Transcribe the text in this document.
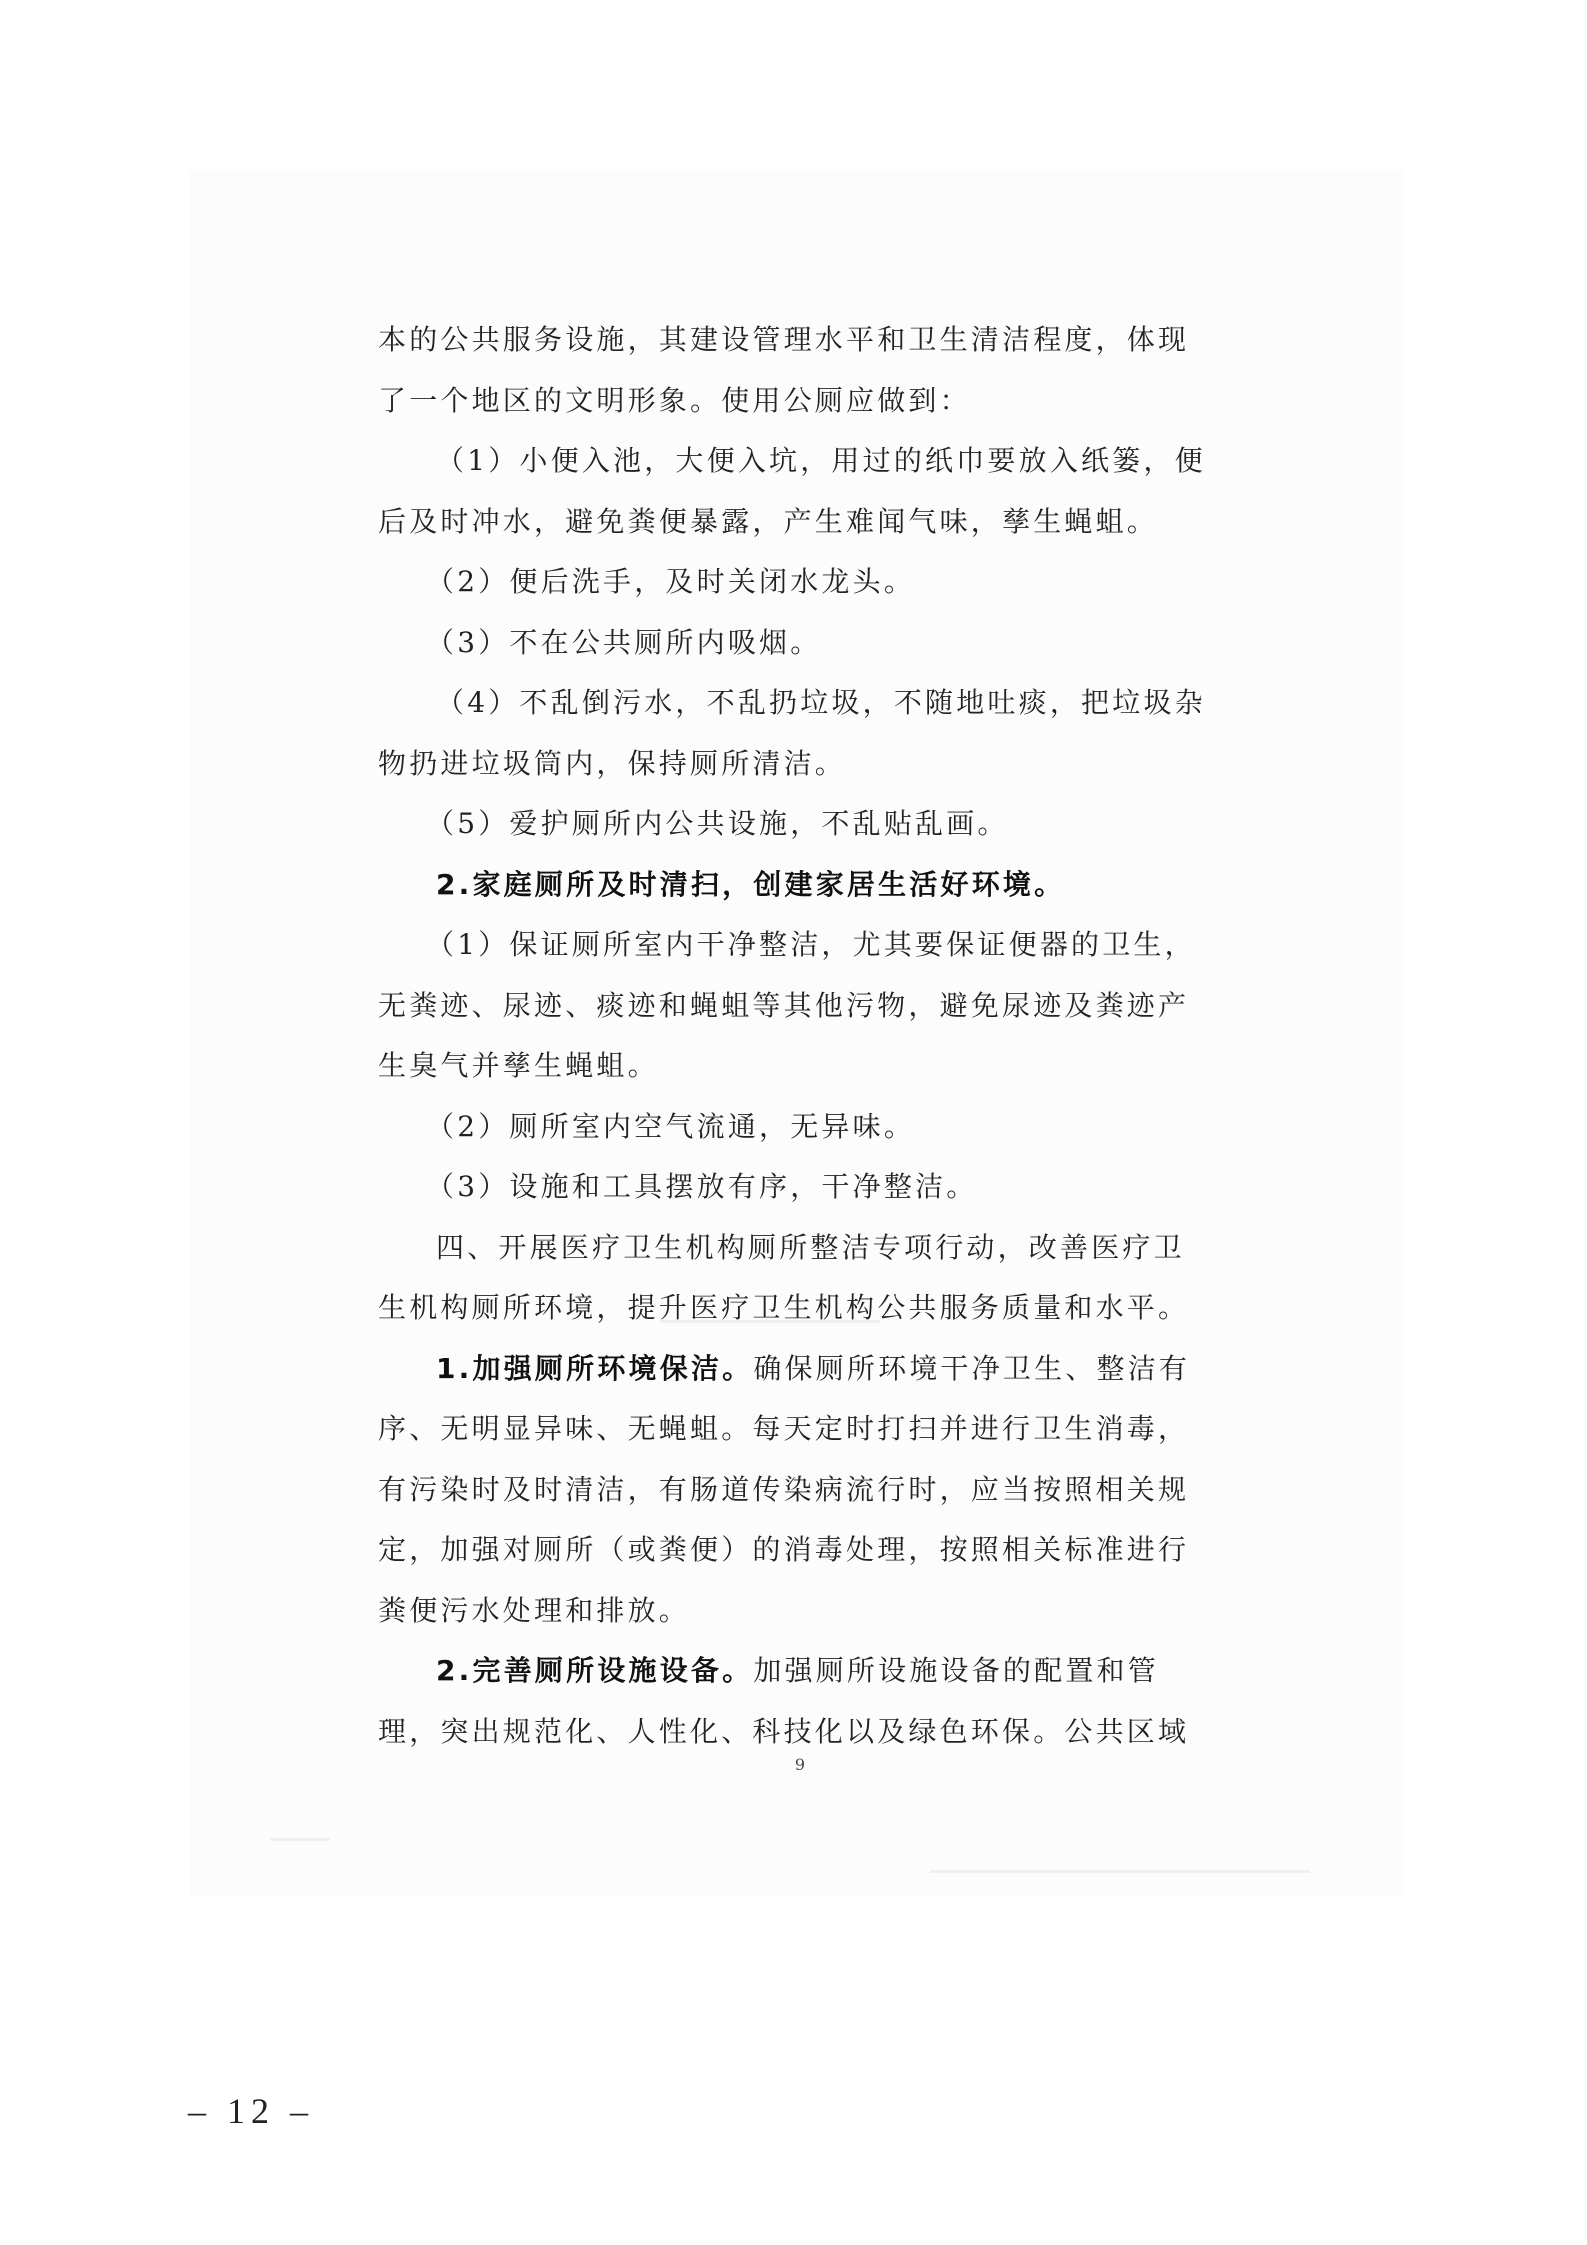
本的公共服务设施，其建设管理水平和卫生清洁程度，体现
了一个地区的文明形象。使用公厕应做到：
（1）小便入池，大便入坑，用过的纸巾要放入纸篓，便
后及时冲水，避免粪便暴露，产生难闻气味，孳生蝇蛆。
（2）便后洗手，及时关闭水龙头。
（3）不在公共厕所内吸烟。
（4）不乱倒污水，不乱扔垃圾，不随地吐痰，把垃圾杂
物扔进垃圾筒内，保持厕所清洁。
（5）爱护厕所内公共设施，不乱贴乱画。
2.家庭厕所及时清扫，创建家居生活好环境。
（1）保证厕所室内干净整洁，尤其要保证便器的卫生，
无粪迹、尿迹、痰迹和蝇蛆等其他污物，避免尿迹及粪迹产
生臭气并孳生蝇蛆。
（2）厕所室内空气流通，无异味。
（3）设施和工具摆放有序，干净整洁。
四、开展医疗卫生机构厕所整洁专项行动，改善医疗卫
生机构厕所环境，提升医疗卫生机构公共服务质量和水平。
1.加强厕所环境保洁。确保厕所环境干净卫生、整洁有
序、无明显异味、无蝇蛆。每天定时打扫并进行卫生消毒，
有污染时及时清洁，有肠道传染病流行时，应当按照相关规
定，加强对厕所（或粪便）的消毒处理，按照相关标准进行
粪便污水处理和排放。
2.完善厕所设施设备。加强厕所设施设备的配置和管
理，突出规范化、人性化、科技化以及绿色环保。公共区域
9
– 12 –
